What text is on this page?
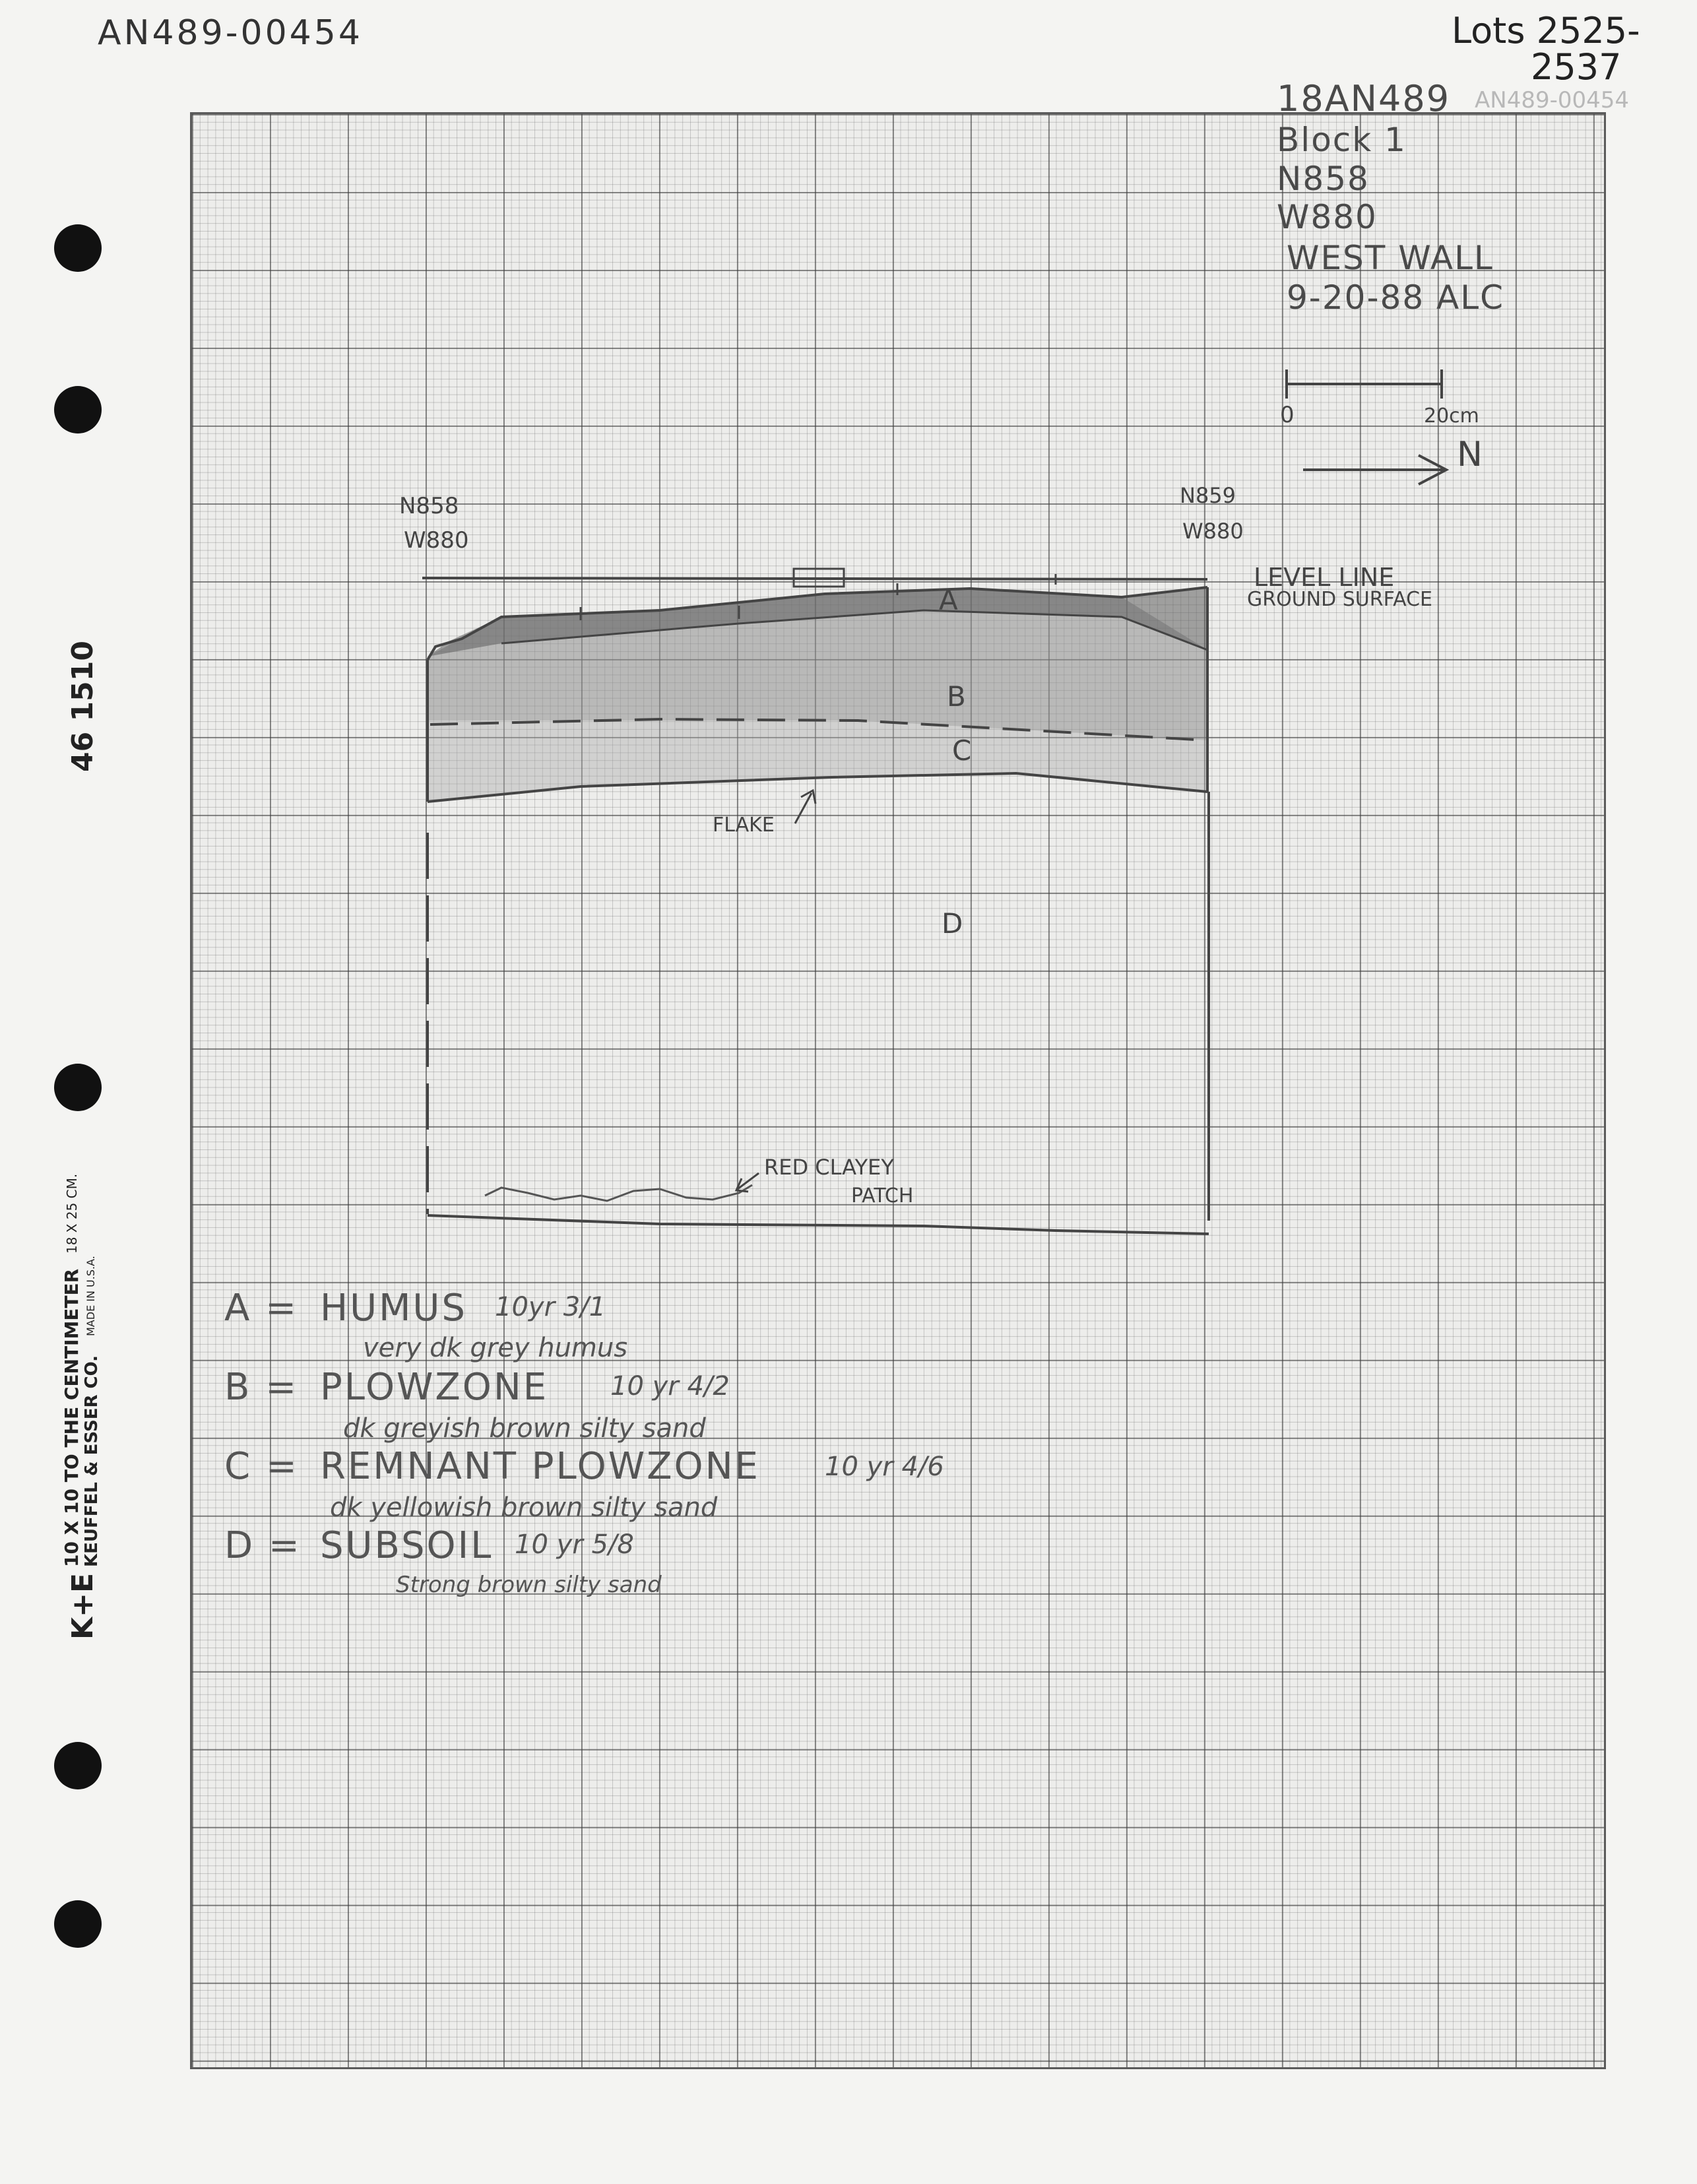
AN489-00454	Lots 2525-
2537
46 1510
10 X 10 TO THE CENTIMETER
18 X 25 CM.
KEUFFEL & ESSER CO.
MADE IN U.S.A.
K+E
18AN489 AN489-00454
Block 1
N858
W880
WEST WALL
9-20-88 ALC
0	20cm
N
N858
W880
N859
W880
LEVEL LINE
GROUND SURFACE
A
B
C
D
FLAKE
RED CLAYEY
PATCH
A = HUMUS 10yr 3/1
very dk grey humus
B = PLOWZONE 10 yr 4/2
dk greyish brown silty sand
C = REMNANT PLOWZONE 10 yr 4/6
dk yellowish brown silty sand
D = SUBSOIL 10 yr 5/8
Strong brown silty sand
